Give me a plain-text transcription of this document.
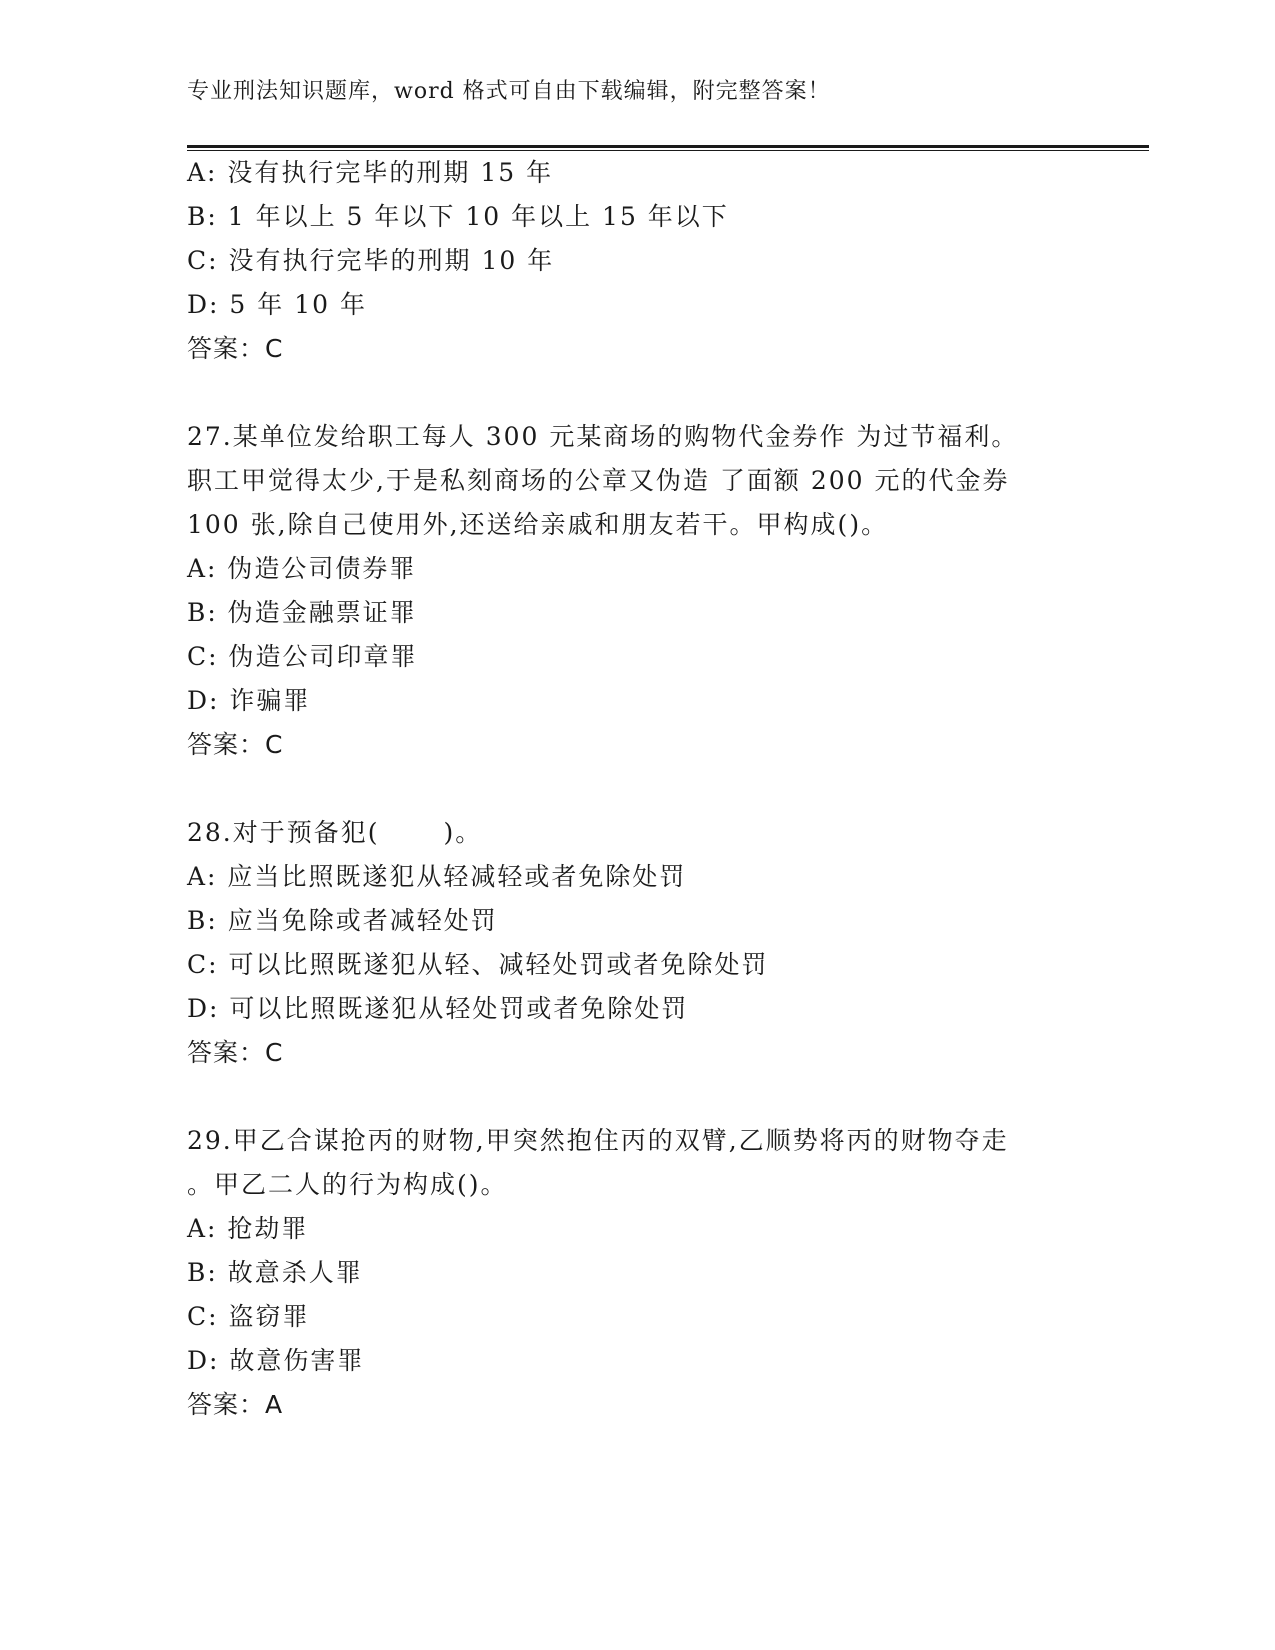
专业刑法知识题库，word 格式可自由下载编辑，附完整答案！
A: 没有执行完毕的刑期 15 年
B: 1 年以上 5 年以下 10 年以上 15 年以下
C: 没有执行完毕的刑期 10 年
D: 5 年 10 年
答案：C
27.某单位发给职工每人 300 元某商场的购物代金券作 为过节福利。
职工甲觉得太少,于是私刻商场的公章又伪造 了面额 200 元的代金券
100 张,除自己使用外,还送给亲戚和朋友若干。甲构成()。
A: 伪造公司债券罪
B: 伪造金融票证罪
C: 伪造公司印章罪
D: 诈骗罪
答案：C
28.对于预备犯(　　 )。
A: 应当比照既遂犯从轻减轻或者免除处罚
B: 应当免除或者减轻处罚
C: 可以比照既遂犯从轻、减轻处罚或者免除处罚
D: 可以比照既遂犯从轻处罚或者免除处罚
答案：C
29.甲乙合谋抢丙的财物,甲突然抱住丙的双臂,乙顺势将丙的财物夺走
。甲乙二人的行为构成()。
A: 抢劫罪
B: 故意杀人罪
C: 盗窃罪
D: 故意伤害罪
答案：A
